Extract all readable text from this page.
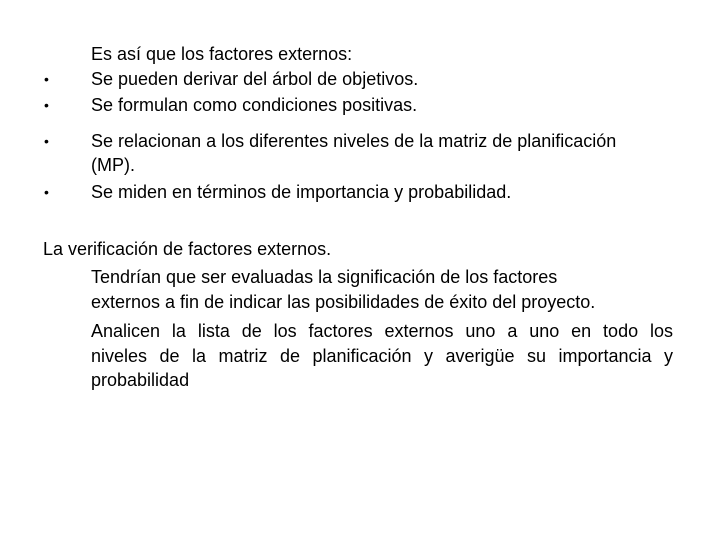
Es así que los factores externos:
• Se pueden derivar del árbol de objetivos.
• Se formulan como condiciones positivas.
• Se relacionan a los diferentes niveles de la matriz de planificación
(MP).
• Se miden en términos de importancia y probabilidad.
La verificación de factores externos.
Tendrían que ser evaluadas la significación de los factores
externos a fin de indicar las posibilidades de éxito del proyecto.
Analicen la lista de los factores externos uno a uno en todo los
niveles de la matriz de planificación y averigüe su importancia y
probabilidad
